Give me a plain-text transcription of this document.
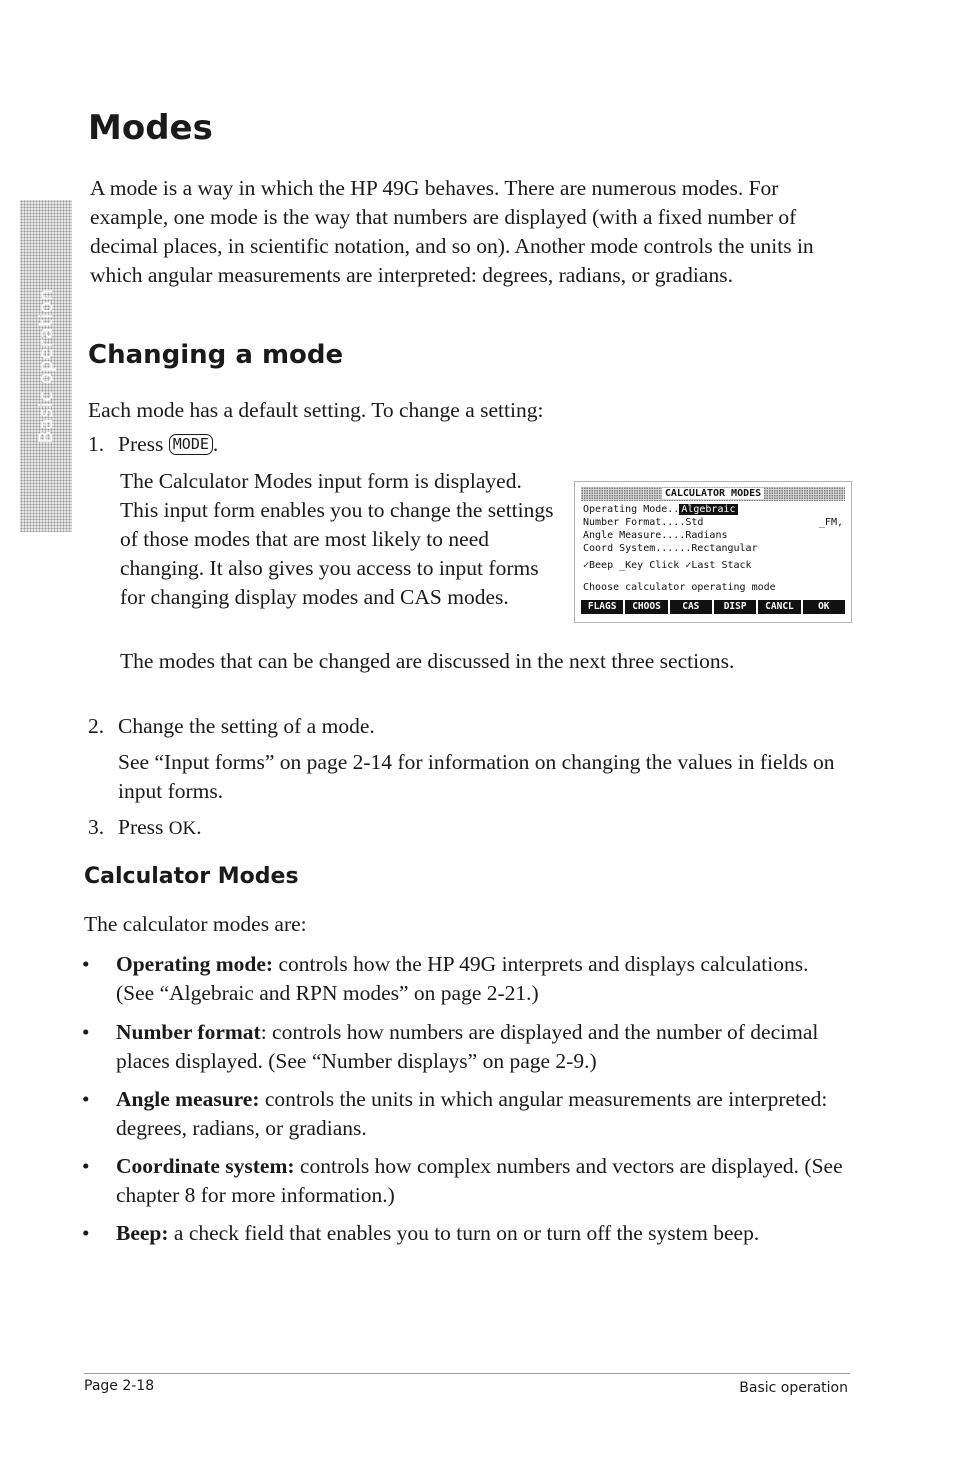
Basic operation
Modes

A mode is a way in which the HP 49G behaves. There are numerous modes. For example, one mode is the way that numbers are displayed (with a fixed number of decimal places, in scientific notation, and so on). Another mode controls the units in which angular measurements are interpreted: degrees, radians, or gradians.

Changing a mode

Each mode has a default setting. To change a setting:

1. Press MODE .

The Calculator Modes input form is displayed. This input form enables you to change the settings of those modes that are most likely to need changing. It also gives you access to input forms for changing display modes and CAS modes.

CALCULATOR MODES
Operating Mode.. Algebraic
Number Format....Std	_FM,
Angle Measure....Radians
Coord System......Rectangular
✓Beep _Key Click ✓Last Stack
Choose calculator operating mode
FLAGS	CHOOS	CAS	DISP	CANCL	OK

The modes that can be changed are discussed in the next three sections.

2. Change the setting of a mode.

See “Input forms” on page 2-14 for information on changing the values in fields on input forms.

3. Press OK.

Calculator Modes

The calculator modes are:

• Operating mode: controls how the HP 49G interprets and displays calculations. (See “Algebraic and RPN modes” on page 2-21.)
• Number format: controls how numbers are displayed and the number of decimal places displayed. (See “Number displays” on page 2-9.)
• Angle measure: controls the units in which angular measurements are interpreted: degrees, radians, or gradians.
• Coordinate system: controls how complex numbers and vectors are displayed. (See chapter 8 for more information.)
• Beep: a check field that enables you to turn on or turn off the system beep.
Page 2-18	Basic operation
